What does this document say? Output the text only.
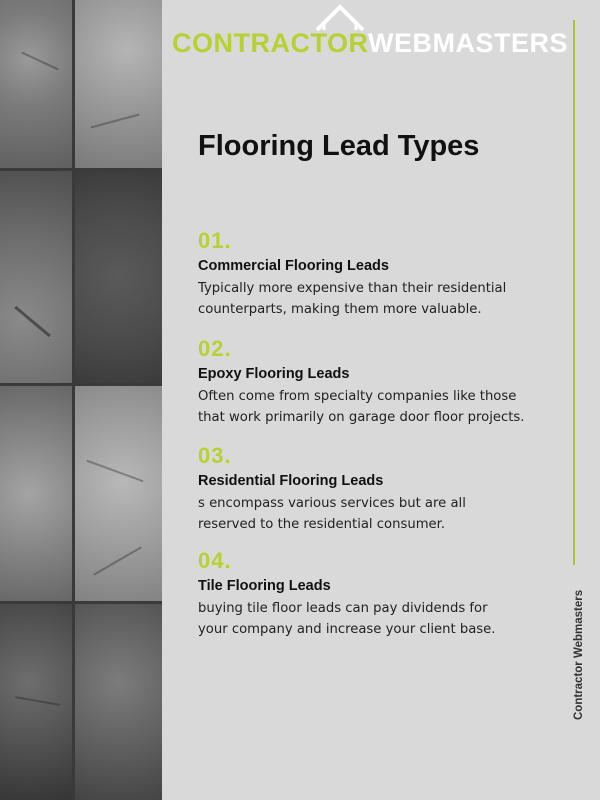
CONTRACTORWEBMASTERS
Contractor Webmasters
Flooring Lead Types
01.
Commercial Flooring Leads
Typically more expensive than their residential
counterparts, making them more valuable.
02.
Epoxy Flooring Leads
Often come from specialty companies like those
that work primarily on garage door floor projects.
03.
Residential Flooring Leads
s encompass various services but are all
reserved to the residential consumer.
04.
Tile Flooring Leads
buying tile floor leads can pay dividends for
your company and increase your client base.
